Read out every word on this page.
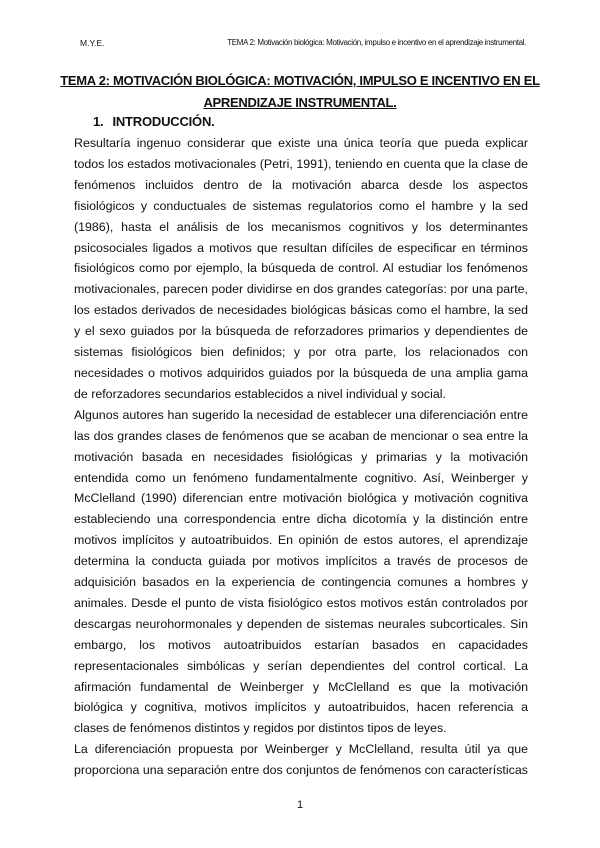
M.Y.E.	TEMA 2: Motivación biológica: Motivación, impulso e incentivo en el aprendizaje instrumental.
TEMA 2: MOTIVACIÓN BIOLÓGICA: MOTIVACIÓN, IMPULSO E INCENTIVO EN EL APRENDIZAJE INSTRUMENTAL.
1. INTRODUCCIÓN.

Resultaría ingenuo considerar que existe una única teoría que pueda explicar todos los estados motivacionales (Petri, 1991), teniendo en cuenta que la clase de fenómenos incluidos dentro de la motivación abarca desde los aspectos fisiológicos y conductuales de sistemas regulatorios como el hambre y la sed (1986), hasta el análisis de los mecanismos cognitivos y los determinantes psicosociales ligados a motivos que resultan difíciles de especificar en términos fisiológicos como por ejemplo, la búsqueda de control. Al estudiar los fenómenos motivacionales, parecen poder dividirse en dos grandes categorías: por una parte, los estados derivados de necesidades biológicas básicas como el hambre, la sed y el sexo guiados por la búsqueda de reforzadores primarios y dependientes de sistemas fisiológicos bien definidos; y por otra parte, los relacionados con necesidades o motivos adquiridos guiados por la búsqueda de una amplia gama de reforzadores secundarios establecidos a nivel individual y social.

Algunos autores han sugerido la necesidad de establecer una diferenciación entre las dos grandes clases de fenómenos que se acaban de mencionar o sea entre la motivación basada en necesidades fisiológicas y primarias y la motivación entendida como un fenómeno fundamentalmente cognitivo. Así, Weinberger y McClelland (1990) diferencian entre motivación biológica y motivación cognitiva estableciendo una correspondencia entre dicha dicotomía y la distinción entre motivos implícitos y autoatribuidos. En opinión de estos autores, el aprendizaje determina la conducta guiada por motivos implícitos a través de procesos de adquisición basados en la experiencia de contingencia comunes a hombres y animales. Desde el punto de vista fisiológico estos motivos están controlados por descargas neurohormonales y dependen de sistemas neurales subcorticales. Sin embargo, los motivos autoatribuidos estarían basados en capacidades representacionales simbólicas y serían dependientes del control cortical. La afirmación fundamental de Weinberger y McClelland es que la motivación biológica y cognitiva, motivos implícitos y autoatribuidos, hacen referencia a clases de fenómenos distintos y regidos por distintos tipos de leyes.

La diferenciación propuesta por Weinberger y McClelland, resulta útil ya que proporciona una separación entre dos conjuntos de fenómenos con características

1
